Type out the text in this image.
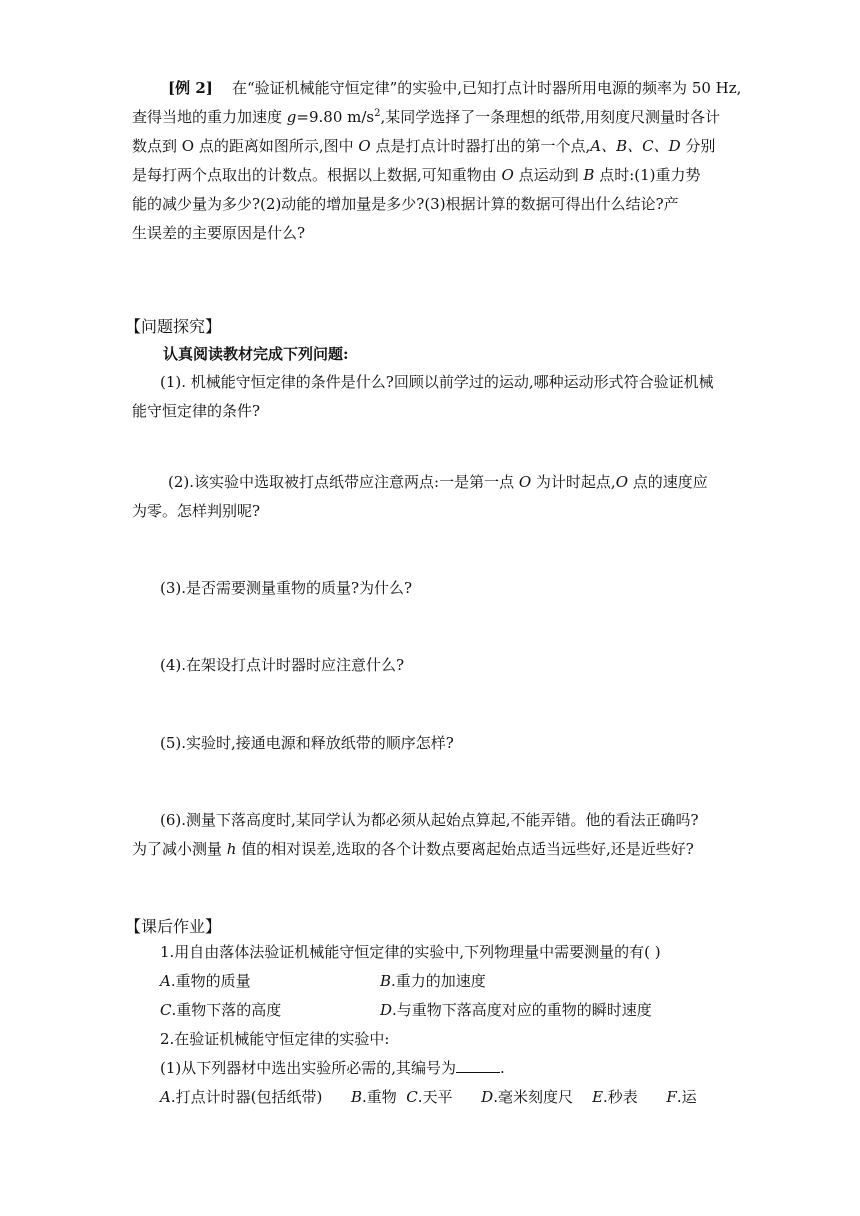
[例 2] 在“验证机械能守恒定律”的实验中,已知打点计时器所用电源的频率为 50 Hz,
查得当地的重力加速度 g=9.80 $m/s^2$,某同学选择了一条理想的纸带,用刻度尺测量时各计
数点到 O 点的距离如图所示,图中 O 点是打点计时器打出的第一个点,A、B、C、D 分别
是每打两个点取出的计数点。根据以上数据,可知重物由 O 点运动到 B 点时:(1)重力势
能的减少量为多少?(2)动能的增加量是多少?(3)根据计算的数据可得出什么结论?产
生误差的主要原因是什么?
【问题探究】
认真阅读教材完成下列问题:
(1). 机械能守恒定律的条件是什么?回顾以前学过的运动,哪种运动形式符合验证机械
能守恒定律的条件?
(2).该实验中选取被打点纸带应注意两点:一是第一点 O 为计时起点,O 点的速度应
为零。怎样判别呢?
(3).是否需要测量重物的质量?为什么?
(4).在架设打点计时器时应注意什么?
(5).实验时,接通电源和释放纸带的顺序怎样?
(6).测量下落高度时,某同学认为都必须从起始点算起,不能弄错。他的看法正确吗?
为了减小测量 h 值的相对误差,选取的各个计数点要离起始点适当远些好,还是近些好?
【课后作业】
1.用自由落体法验证机械能守恒定律的实验中,下列物理量中需要测量的有( )
A.重物的质量	B.重力的加速度
C.重物下落的高度	D.与重物下落高度对应的重物的瞬时速度
2.在验证机械能守恒定律的实验中:
(1)从下列器材中选出实验所必需的,其编号为	.
A.打点计时器(包括纸带) B.重物 C.天平 D.毫米刻度尺 E.秒表 F.运
